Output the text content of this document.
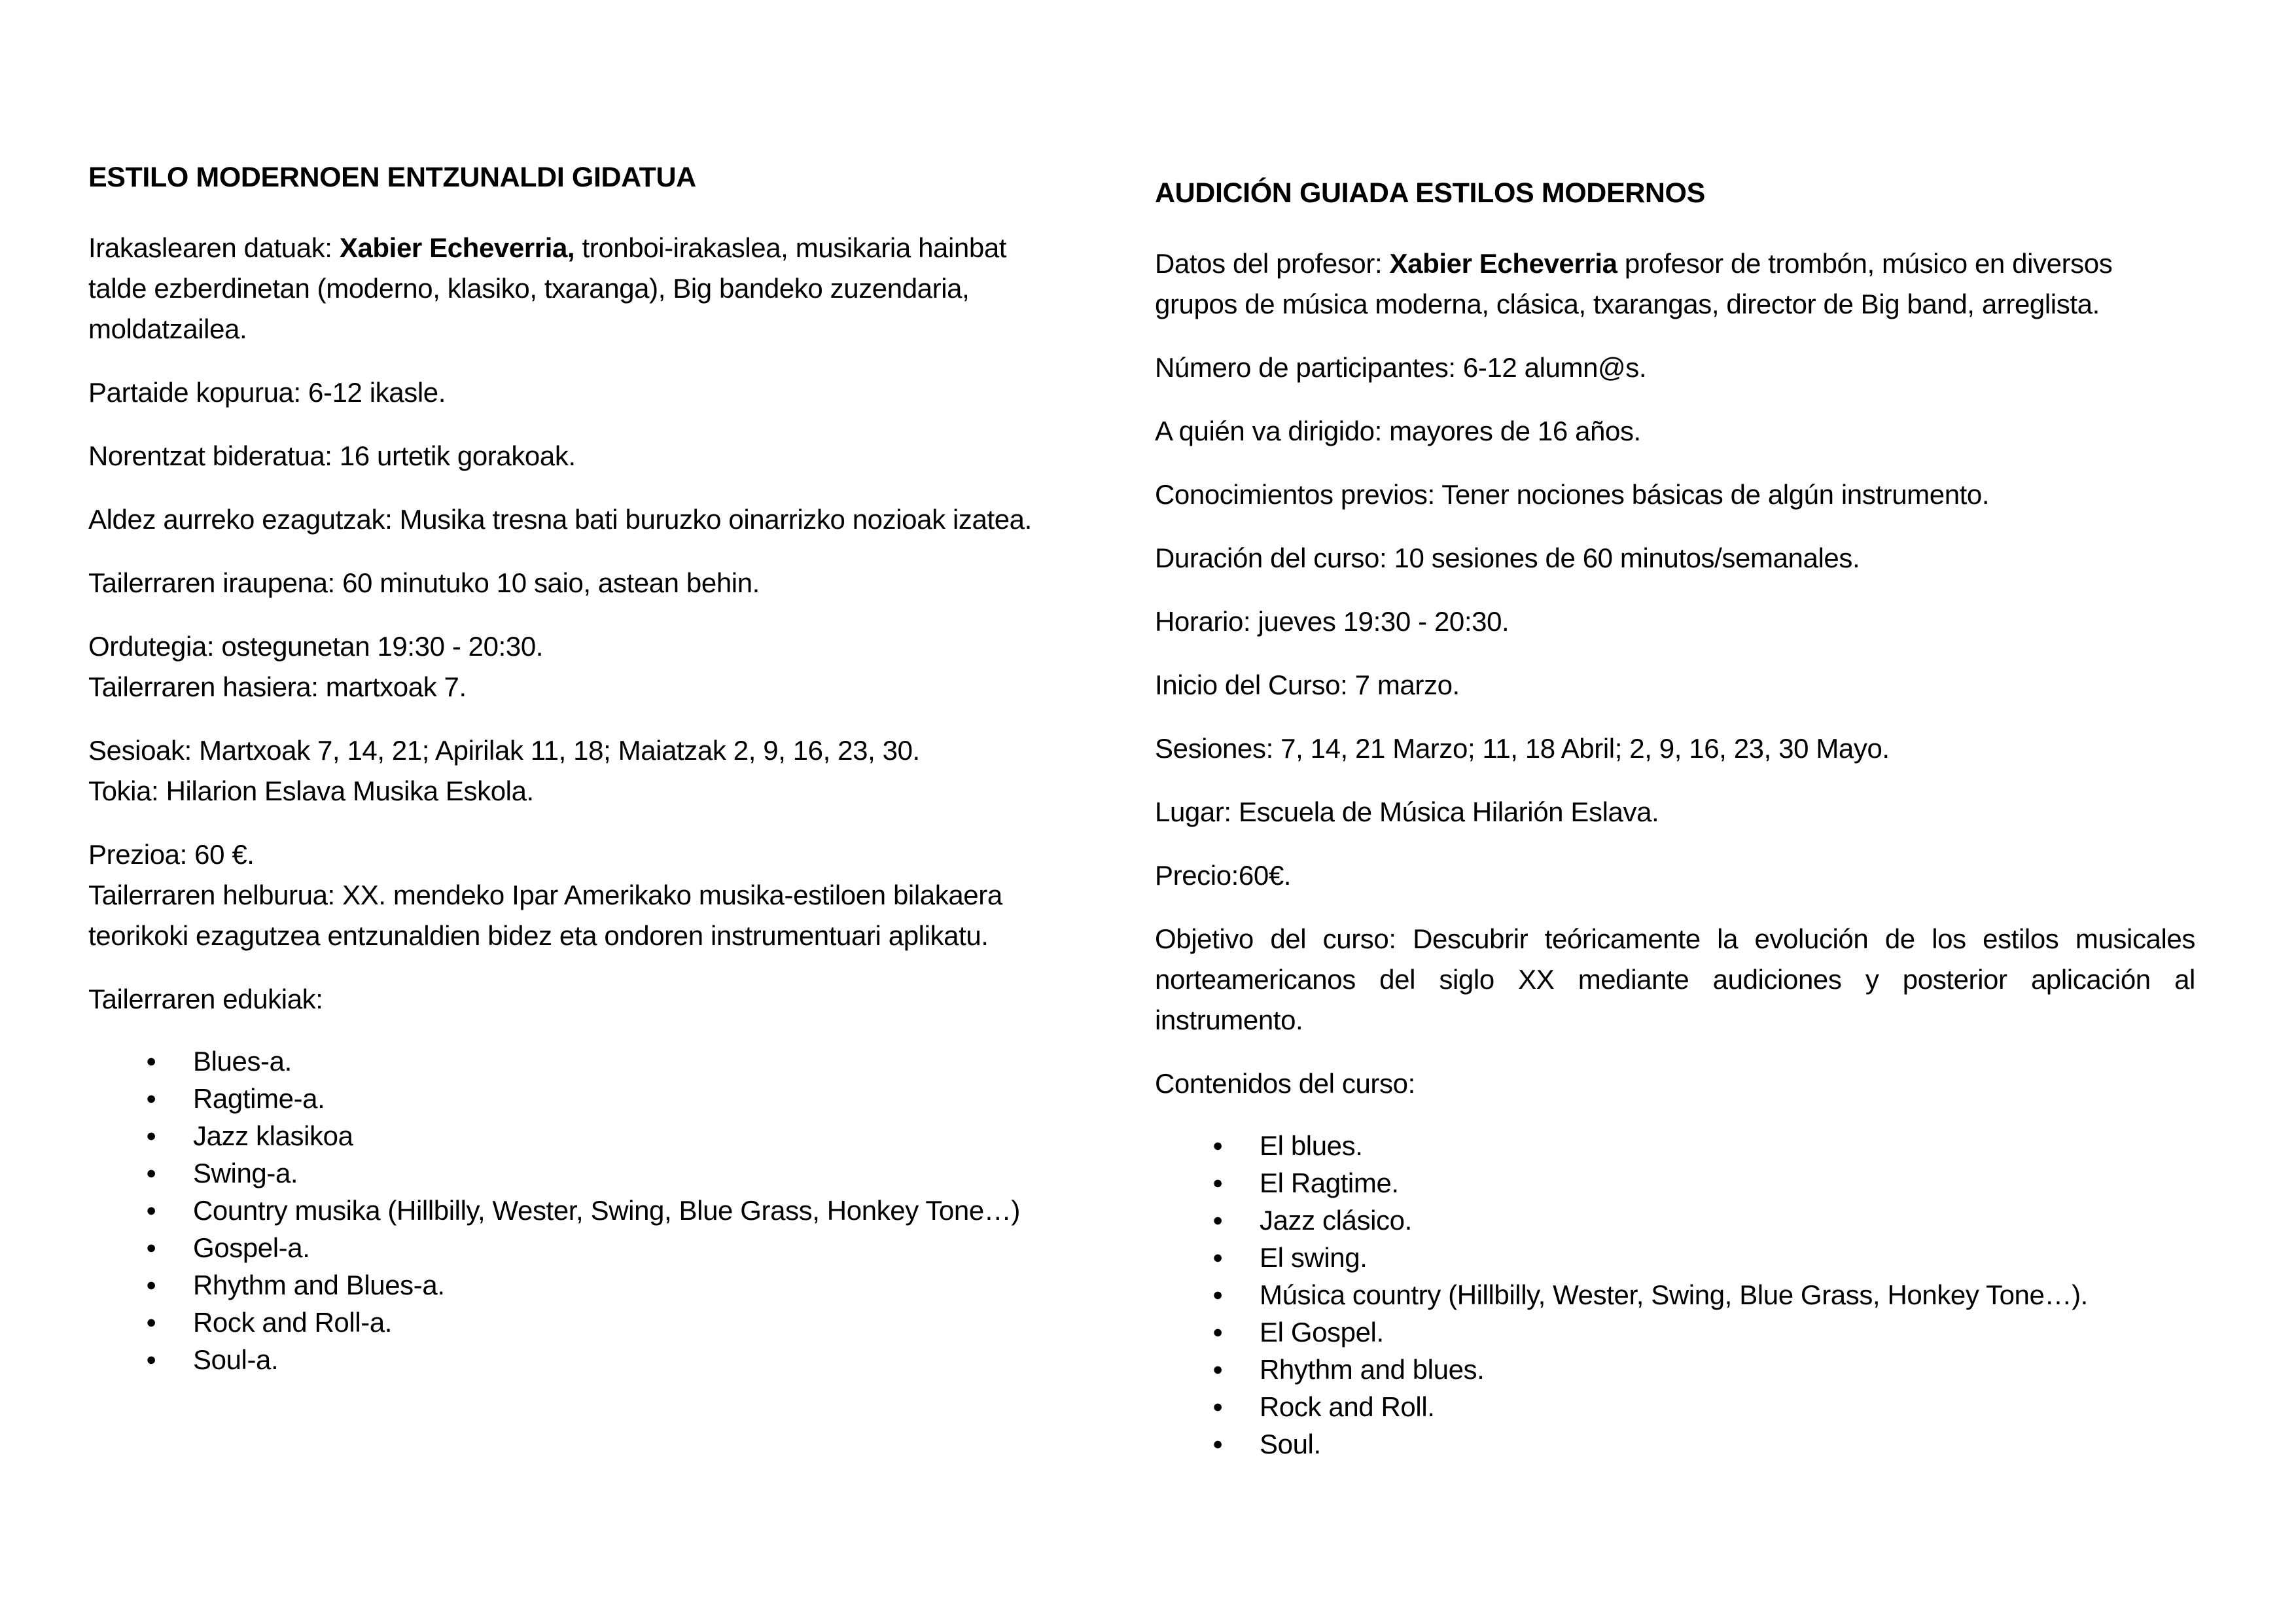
ESTILO MODERNOEN ENTZUNALDI GIDATUA

Irakaslearen datuak: Xabier Echeverria, tronboi-irakaslea, musikaria hainbat talde ezberdinetan (moderno, klasiko, txaranga), Big bandeko zuzendaria, moldatzailea.

Partaide kopurua: 6-12 ikasle.

Norentzat bideratua: 16 urtetik gorakoak.

Aldez aurreko ezagutzak: Musika tresna bati buruzko oinarrizko nozioak izatea.

Tailerraren iraupena: 60 minutuko 10 saio, astean behin.

Ordutegia: ostegunetan 19:30 - 20:30.
Tailerraren hasiera: martxoak 7.

Sesioak: Martxoak 7, 14, 21; Apirilak 11, 18; Maiatzak 2, 9, 16, 23, 30.
Tokia: Hilarion Eslava Musika Eskola.

Prezioa: 60 €.
Tailerraren helburua: XX. mendeko Ipar Amerikako musika-estiloen bilakaera teorikoki ezagutzea entzunaldien bidez eta ondoren instrumentuari aplikatu.

Tailerraren edukiak:

● Blues-a.
● Ragtime-a.
● Jazz klasikoa
● Swing-a.
● Country musika (Hillbilly, Wester, Swing, Blue Grass, Honkey Tone…)
● Gospel-a.
● Rhythm and Blues-a.
● Rock and Roll-a.
● Soul-a.
AUDICIÓN GUIADA ESTILOS MODERNOS

Datos del profesor: Xabier Echeverria profesor de trombón, músico en diversos grupos de música moderna, clásica, txarangas, director de Big band, arreglista.

Número de participantes: 6-12 alumn@s.

A quién va dirigido: mayores de 16 años.

Conocimientos previos: Tener nociones básicas de algún instrumento.

Duración del curso: 10 sesiones de 60 minutos/semanales.

Horario: jueves 19:30 - 20:30.

Inicio del Curso: 7 marzo.

Sesiones: 7, 14, 21 Marzo; 11, 18 Abril; 2, 9, 16, 23, 30 Mayo.

Lugar: Escuela de Música Hilarión Eslava.

Precio:60€.

Objetivo del curso: Descubrir teóricamente la evolución de los estilos musicales norteamericanos del siglo XX mediante audiciones y posterior aplicación al instrumento.

Contenidos del curso:

● El blues.
● El Ragtime.
● Jazz clásico.
● El swing.
● Música country (Hillbilly, Wester, Swing, Blue Grass, Honkey Tone…).
● El Gospel.
● Rhythm and blues.
● Rock and Roll.
● Soul.
